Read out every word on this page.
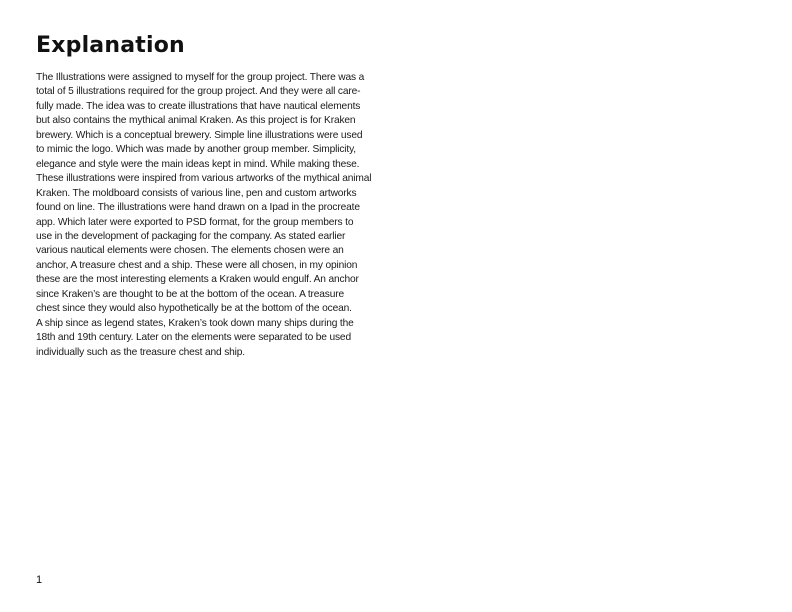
Explanation

The Illustrations were assigned to myself for the group project. There was a
total of 5 illustrations required for the group project. And they were all care-
fully made. The idea was to create illustrations that have nautical elements
but also contains the mythical animal Kraken. As this project is for Kraken
brewery. Which is a conceptual brewery. Simple line illustrations were used
to mimic the logo. Which was made by another group member. Simplicity,
elegance and style were the main ideas kept in mind. While making these.
These illustrations were inspired from various artworks of the mythical animal
Kraken. The moldboard consists of various line, pen and custom artworks
found on line. The illustrations were hand drawn on a Ipad in the procreate
app. Which later were exported to PSD format, for the group members to
use in the development of packaging for the company. As stated earlier
various nautical elements were chosen. The elements chosen were an
anchor, A treasure chest and a ship. These were all chosen, in my opinion
these are the most interesting elements a Kraken would engulf. An anchor
since Kraken’s are thought to be at the bottom of the ocean. A treasure
chest since they would also hypothetically be at the bottom of the ocean.
A ship since as legend states, Kraken’s took down many ships during the
18th and 19th century. Later on the elements were separated to be used
individually such as the treasure chest and ship.

1
